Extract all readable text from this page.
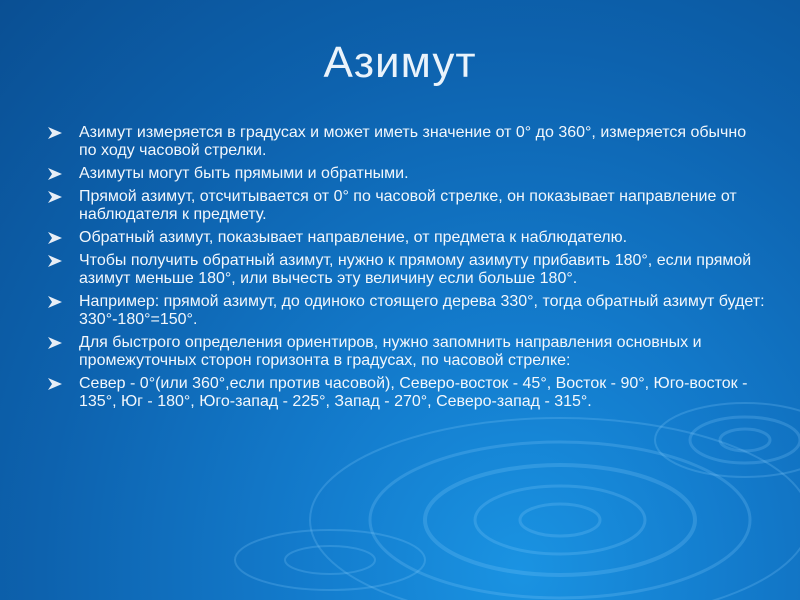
Азимут
Азимут измеряется в градусах и может иметь значение от 0° до 360°, измеряется обычно по ходу часовой стрелки.
Азимуты могут быть прямыми и обратными.
Прямой азимут, отсчитывается от 0° по часовой стрелке, он показывает направление от наблюдателя к предмету.
Обратный азимут, показывает направление, от предмета к наблюдателю.
Чтобы получить обратный азимут, нужно к прямому азимуту прибавить 180°, если прямой азимут меньше 180°, или вычесть эту величину если больше 180°.
Например: прямой азимут, до одиноко стоящего дерева 330°, тогда обратный азимут будет: 330°-180°=150°.
Для быстрого определения ориентиров, нужно запомнить направления основных и промежуточных сторон горизонта в градусах, по часовой стрелке:
Север - 0°(или 360°,если против часовой), Северо-восток - 45°, Восток - 90°, Юго-восток - 135°, Юг - 180°, Юго-запад - 225°, Запад - 270°, Северо-запад - 315°.
